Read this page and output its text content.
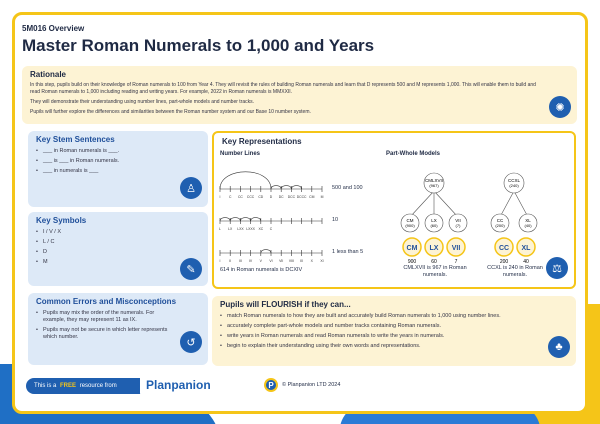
5M016 Overview
Master Roman Numerals to 1,000 and Years
Rationale

In this step, pupils build on their knowledge of Roman numerals to 100 from Year 4. They will revisit the rules of building Roman numerals and learn that D represents 500 and M represents 1,000. This will enable them to build and read Roman numerals to 1,000 including reading and writing years. For example, 2022 in Roman numerals is MMXXII.

They will demonstrate their understanding using number lines, part-whole models and number tracks.

Pupils will further explore the differences and similarities between the Roman number system and our Base 10 number system.	✺
Key Stem Sentences
• ___ in Roman numerals is ___.
• ___ is ___ in Roman numerals.
• ___ in numerals is ___
♙
Key Symbols
• I / V / X
• L / C
• D
• M
✎
Common Errors and Misconceptions
• Pupils may mix the order of the numerals. For example, they may represent 11 as IX.
• Pupils may not be secure in which letter represents which number.	↺
Key Representations
Number Lines	Part-Whole Models
I C CC CCC CD D DC DCC DCCC CM M
L LX LXX LXXX XC C
I	II III IV V VI VII VIII IX X XI
500 and 100
10
1 less than 5
614 in Roman numerals is DCXIV
CMLXVII
(967)
CM
(900)
LX
(60)
VII
(7)
CM LX VII
900	60	7
CMLXVII is 967 in Roman numerals.
CCXL
(240)
CC
(200)
XL
(40)
CC XL
200	40
CCXL is 240 in Roman numerals.
⚖
Pupils will FLOURISH if they can...
• match Roman numerals to how they are built and accurately build Roman numerals to 1,000 using number lines.
• accurately complete part-whole models and number tracks containing Roman numerals.
• write years in Roman numerals and read Roman numerals to write the years in numerals.
• begin to explain their understanding using their own words and representations.	♣
This is a
FREE
resource from Planpanion	P	© Planpanion LTD 2024
